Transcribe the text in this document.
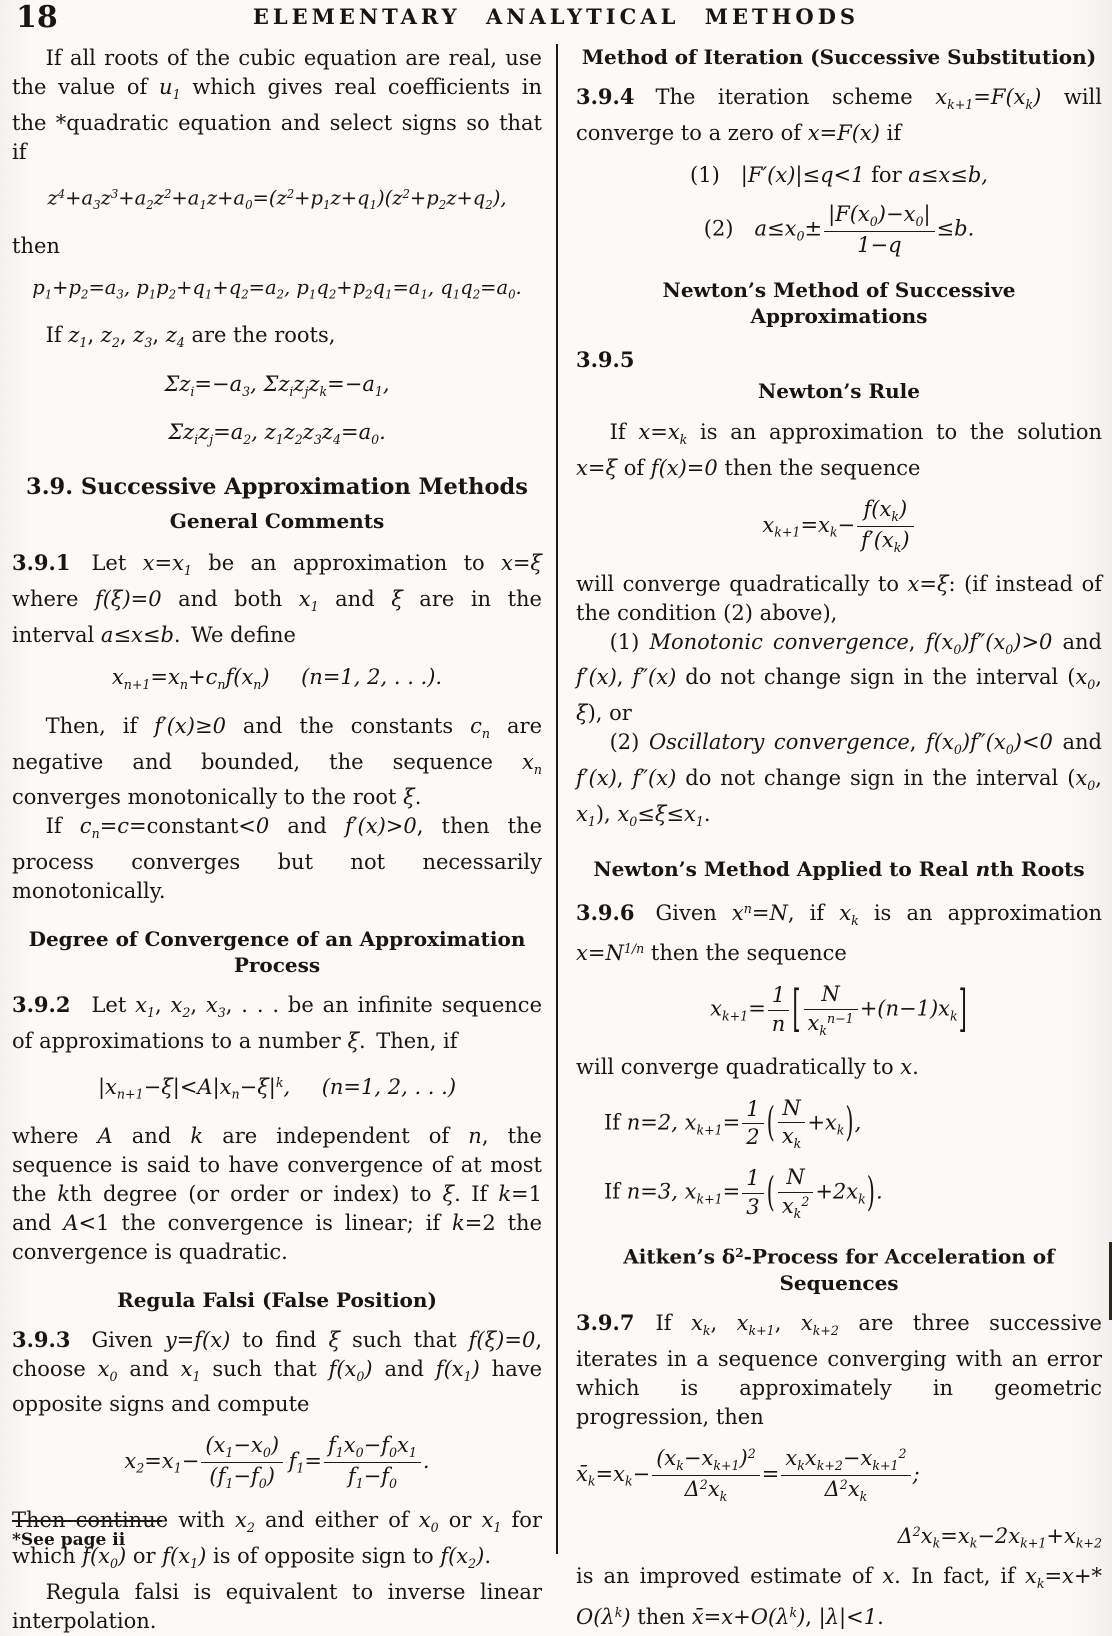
18	ELEMENTARY ANALYTICAL METHODS

If all roots of the cubic equation are real, use the value of $u_1$ which gives real coefficients in the *quadratic equation and select signs so that if

$z^4+a_3z^3+a_2z^2+a_1z+a_0=(z^2+p_1z+q_1)(z^2+p_2z+q_2)$,

then

$p_1+p_2=a_3$, $p_1p_2+q_1+q_2=a_2$, $p_1q_2+p_2q_1=a_1$, $q_1q_2=a_0$.

If $z_1$, $z_2$, $z_3$, $z_4$ are the roots,

$\Sigma z_i=-a_3$, $\Sigma z_iz_jz_k=-a_1$,
$\Sigma z_iz_j=a_2$, $z_1z_2z_3z_4=a_0$.
3.9. Successive Approximation Methods
General Comments

3.9.1 Let $x=x_1$ be an approximation to x=ξ where f(ξ)=0 and both $x_1$ and ξ are in the interval a≤x≤b. We define

$x_{n+1}=x_n+c_nf(x_n)$  (n=1, 2, . . .).

Then, if f′(x)≥0 and the constants $c_n$ are negative and bounded, the sequence $x_n$ converges monotonically to the root ξ.

If $c_n=c=constant<0$ and f′(x)>0, then the process converges but not necessarily monotonically.

Degree of Convergence of an Approximation Process

3.9.2 Let $x_1$, $x_2$, $x_3$, . . . be an infinite sequence of approximations to a number ξ. Then, if

$|x_{n+1}-\xi|<A|x_n-\xi|^k$,  (n=1, 2, . . .)

where A and k are independent of n, the sequence is said to have convergence of at most the kth degree (or order or index) to ξ. If k=1 and A<1 the convergence is linear; if k=2 the convergence is quadratic.

Regula Falsi (False Position)

3.9.3 Given y=f(x) to find ξ such that f(ξ)=0, choose $x_0$ and $x_1$ such that $f(x_0)$ and $f(x_1)$ have opposite signs and compute

$x_2=x_1- \frac{(x_1-x_0)}{(f_1-f_0)}$  $f_1= \frac{f_1x_0-f_0x_1}{f_1-f_0}$ .

Then continue with $x_2$ and either of $x_0$ or $x_1$ for which $f(x_0)$ or $f(x_1)$ is of opposite sign to $f(x_2)$.

Regula falsi is equivalent to inverse linear interpolation.

Method of Iteration (Successive Substitution)

3.9.4 The iteration scheme $x_{k+1}=F(x_k)$ will converge to a zero of x=F(x) if

(1) |F′(x)|≤q<1 for a≤x≤b,
(2) $a\le x_0\pm \frac{|F(x_0)-x_0|}{1-q} \le b$.
Newton’s Method of Successive Approximations

3.9.5

Newton’s Rule

If $x=x_k$ is an approximation to the solution x=ξ of f(x)=0 then the sequence

$x_{k+1}=x_k- \frac{f(x_k)}{f'(x_k)}$

will converge quadratically to x=ξ: (if instead of the condition (2) above),

(1) Monotonic convergence, $f(x_0)f''(x_0)>0$ and f′(x), f″(x) do not change sign in the interval ($x_0$, ξ), or

(2) Oscillatory convergence, $f(x_0)f''(x_0)<0$ and f′(x), f″(x) do not change sign in the interval ($x_0$, $x_1$), $x_0\le\xi\le x_1$.

Newton’s Method Applied to Real nth Roots

3.9.6 Given $x^n=N$, if $x_k$ is an approximation $x=N^{1/n}$ then the sequence

$x_{k+1}= \frac{1}{n}$ [ $\frac{N}{x_k^{n-1}} +(n-1)x_k$]

will converge quadratically to x.

If n=2, $x_{k+1}= \frac{1}{2}$ ( $\frac{N}{x_k} +x_k$),
If n=3, $x_{k+1}= \frac{1}{3}$ ( $\frac{N}{x_k^2} +2x_k$).
Aitken’s $\delta^2$-Process for Acceleration of Sequences

3.9.7 If $x_k$, $x_{k+1}$, $x_{k+2}$ are three successive iterates in a sequence converging with an error which is approximately in geometric progression, then

$x̄_k=x_k- \frac{(x_k-x_{k+1})^2}{\Delta^2x_k} = \frac{x_kx_{k+2}-x_{k+1}^2}{\Delta^2x_k}$ ;
$\Delta^2x_k=x_k-2x_{k+1}+x_{k+2}$

is an improved estimate of x. In fact, if $x_k=x+*$ $O(\lambda^k)$ then $x̄=x+O(\lambda^k)$, |λ|<1.

*See page ii
